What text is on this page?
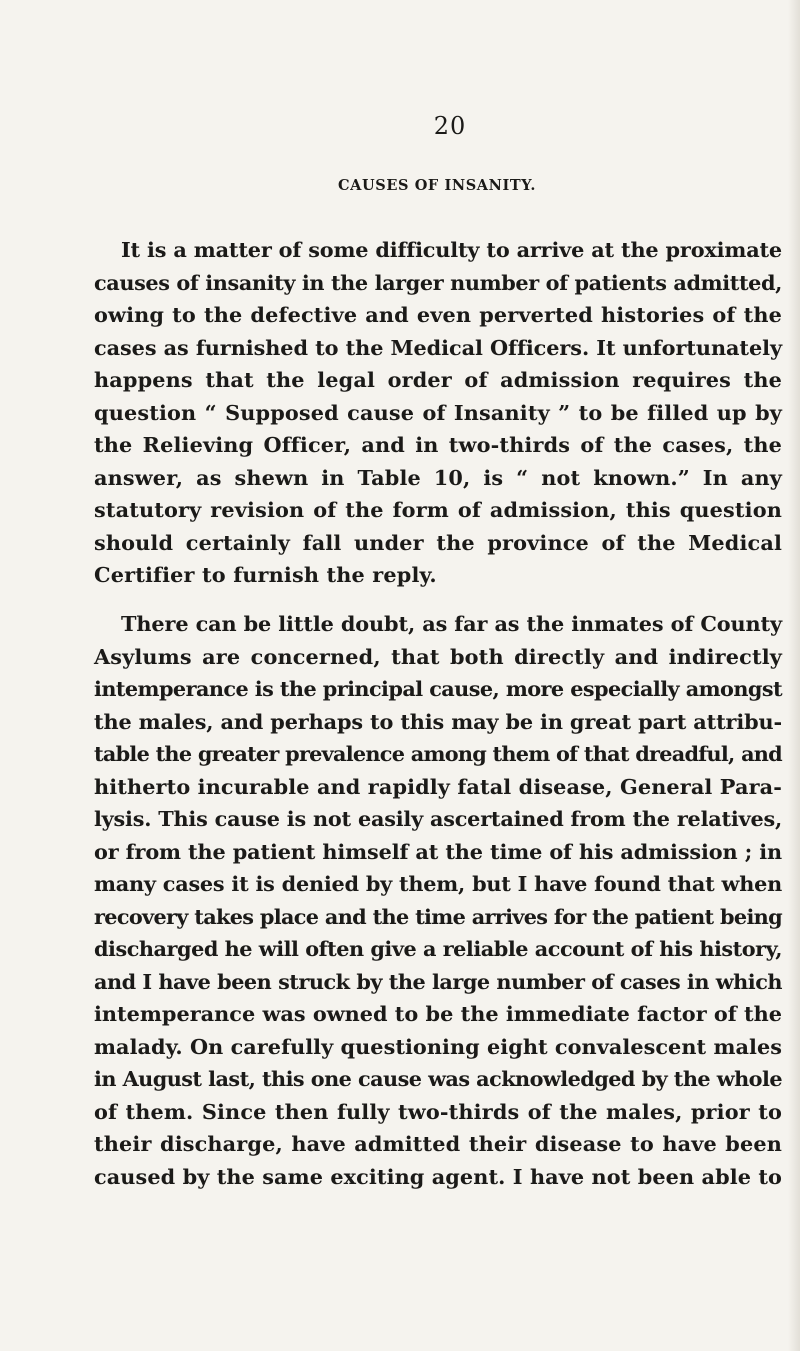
20
CAUSES OF INSANITY.

It is a matter of some difficulty to arrive at the proximate
causes of insanity in the larger number of patients admitted,
owing to the defective and even perverted histories of the
cases as furnished to the Medical Officers. It unfortunately
happens that the legal order of admission requires the
question “ Supposed cause of Insanity ” to be filled up by
the Relieving Officer, and in two-thirds of the cases, the
answer, as shewn in Table 10, is “ not known.” In any
statutory revision of the form of admission, this question
should certainly fall under the province of the Medical
Certifier to furnish the reply.

There can be little doubt, as far as the inmates of County
Asylums are concerned, that both directly and indirectly
intemperance is the principal cause, more especially amongst
the males, and perhaps to this may be in great part attribu-
table the greater prevalence among them of that dreadful, and
hitherto incurable and rapidly fatal disease, General Para-
lysis. This cause is not easily ascertained from the relatives,
or from the patient himself at the time of his admission ; in
many cases it is denied by them, but I have found that when
recovery takes place and the time arrives for the patient being
discharged he will often give a reliable account of his history,
and I have been struck by the large number of cases in which
intemperance was owned to be the immediate factor of the
malady. On carefully questioning eight convalescent males
in August last, this one cause was acknowledged by the whole
of them. Since then fully two-thirds of the males, prior to
their discharge, have admitted their disease to have been
caused by the same exciting agent. I have not been able to
